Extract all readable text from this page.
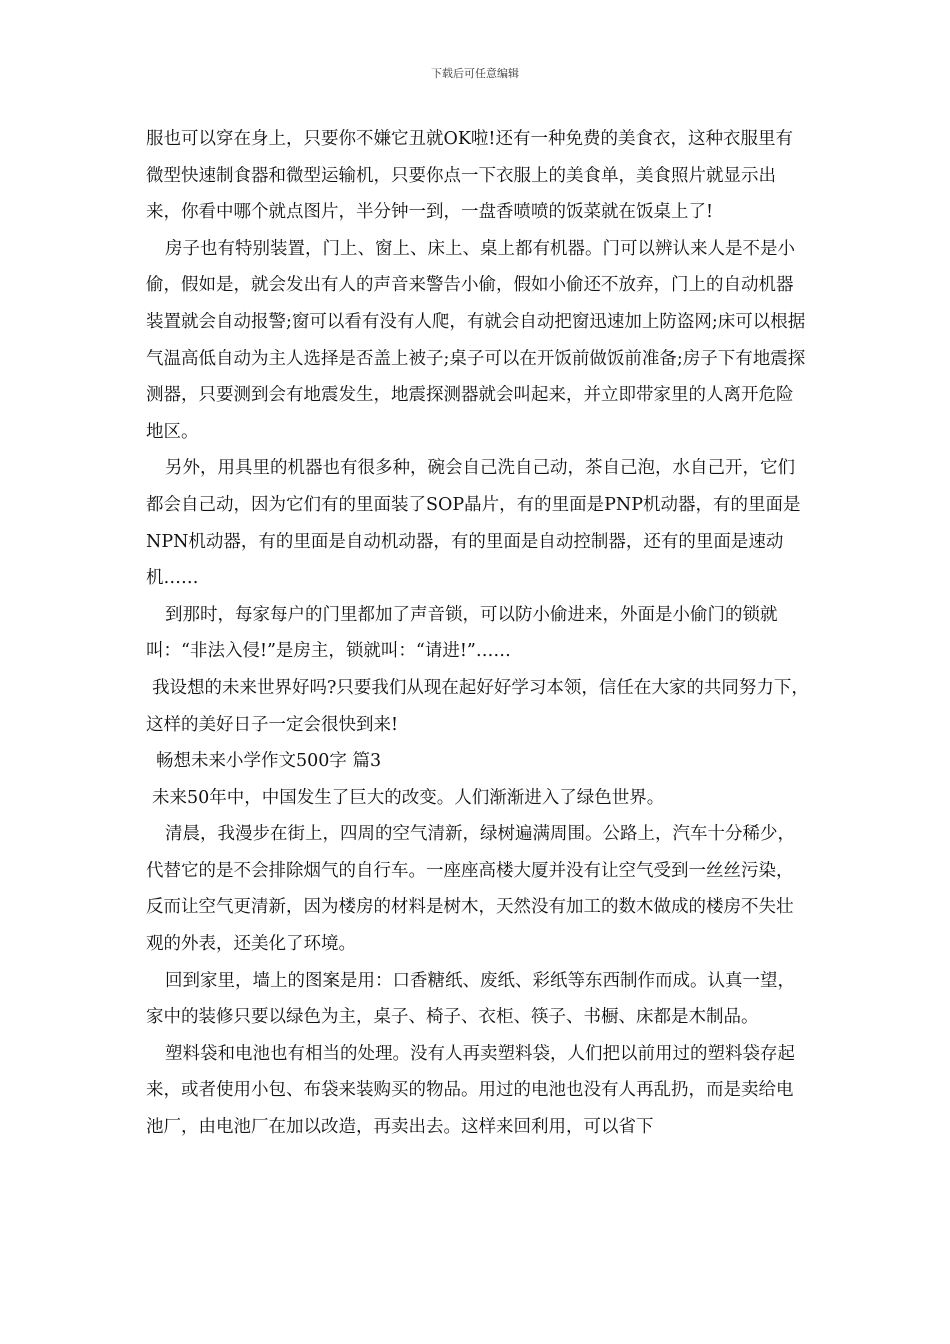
下载后可任意编辑

服也可以穿在身上，只要你不嫌它丑就OK啦!还有一种免费的美食衣，这种衣服里有微型快速制食器和微型运输机，只要你点一下衣服上的美食单，美食照片就显示出来，你看中哪个就点图片，半分钟一到，一盘香喷喷的饭菜就在饭桌上了!

房子也有特别装置，门上、窗上、床上、桌上都有机器。门可以辨认来人是不是小偷，假如是，就会发出有人的声音来警告小偷，假如小偷还不放弃，门上的自动机器装置就会自动报警;窗可以看有没有人爬，有就会自动把窗迅速加上防盗网;床可以根据气温高低自动为主人选择是否盖上被子;桌子可以在开饭前做饭前准备;房子下有地震探测器，只要测到会有地震发生，地震探测器就会叫起来，并立即带家里的人离开危险地区。

另外，用具里的机器也有很多种，碗会自己洗自己动，茶自己泡，水自己开，它们都会自己动，因为它们有的里面装了SOP晶片，有的里面是PNP机动器，有的里面是NPN机动器，有的里面是自动机动器，有的里面是自动控制器，还有的里面是速动机……

到那时，每家每户的门里都加了声音锁，可以防小偷进来，外面是小偷门的锁就叫：“非法入侵!”是房主，锁就叫：“请进!”……

我设想的未来世界好吗?只要我们从现在起好好学习本领，信任在大家的共同努力下，这样的美好日子一定会很快到来!

畅想未来小学作文500字 篇3

未来50年中，中国发生了巨大的改变。人们渐渐进入了绿色世界。

清晨，我漫步在街上，四周的空气清新，绿树遍满周围。公路上，汽车十分稀少，代替它的是不会排除烟气的自行车。一座座高楼大厦并没有让空气受到一丝丝污染，反而让空气更清新，因为楼房的材料是树木，天然没有加工的数木做成的楼房不失壮观的外表，还美化了环境。

回到家里，墙上的图案是用：口香糖纸、废纸、彩纸等东西制作而成。认真一望，家中的装修只要以绿色为主，桌子、椅子、衣柜、筷子、书橱、床都是木制品。

塑料袋和电池也有相当的处理。没有人再卖塑料袋，人们把以前用过的塑料袋存起来，或者使用小包、布袋来装购买的物品。用过的电池也没有人再乱扔，而是卖给电池厂，由电池厂在加以改造，再卖出去。这样来回利用，可以省下
